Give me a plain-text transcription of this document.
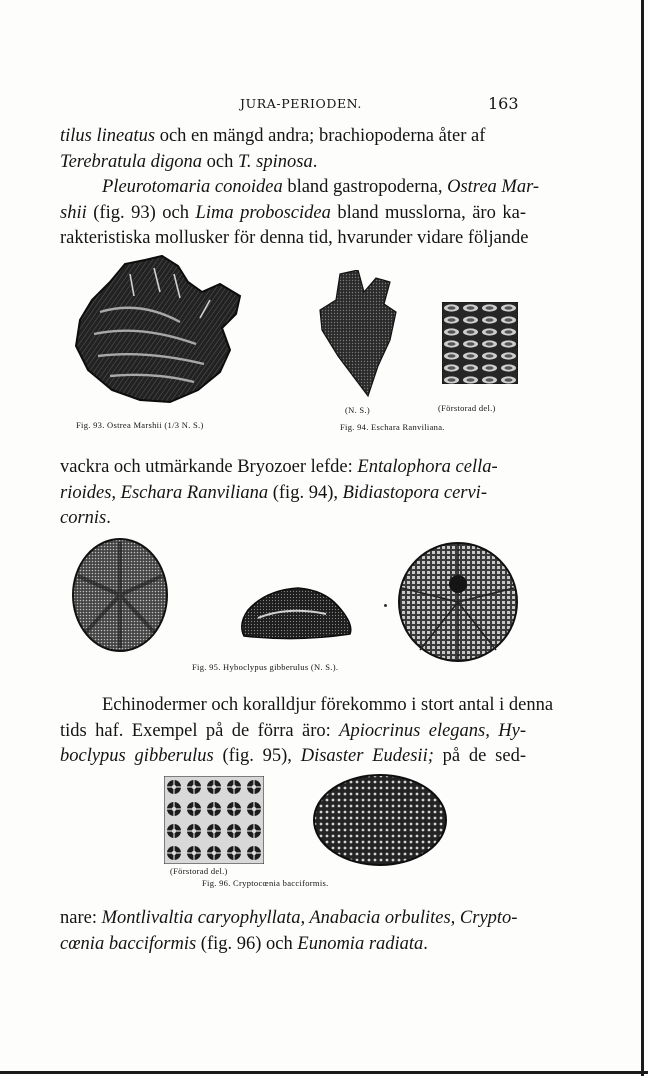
JURA-PERIODEN.	163
tilus lineatus och en mängd andra; brachiopoderna åter af
Terebratula digona och T. spinosa.
Pleurotomaria conoidea bland gastropoderna, Ostrea Mar-
shii (fig. 93) och Lima proboscidea bland musslorna, äro ka-
rakteristiska mollusker för denna tid, hvarunder vidare följande
(N. S.)	(Förstorad del.)
Fig. 93. Ostrea Marshii (1/3 N. S.)	Fig. 94. Eschara Ranviliana.
vackra och utmärkande Bryozoer lefde: Entalophora cella-
rioides, Eschara Ranviliana (fig. 94), Bidiastopora cervi-
cornis.
Fig. 95. Hyboclypus gibberulus (N. S.).
Echinodermer och koralldjur förekommo i stort antal i denna
tids haf. Exempel på de förra äro: Apiocrinus elegans, Hy-
boclypus gibberulus (fig. 95), Disaster Eudesii; på de sed-
(Förstorad del.)
Fig. 96. Cryptocœnia bacciformis.
nare: Montlivaltia caryophyllata, Anabacia orbulites, Crypto-
cœnia bacciformis (fig. 96) och Eunomia radiata.
